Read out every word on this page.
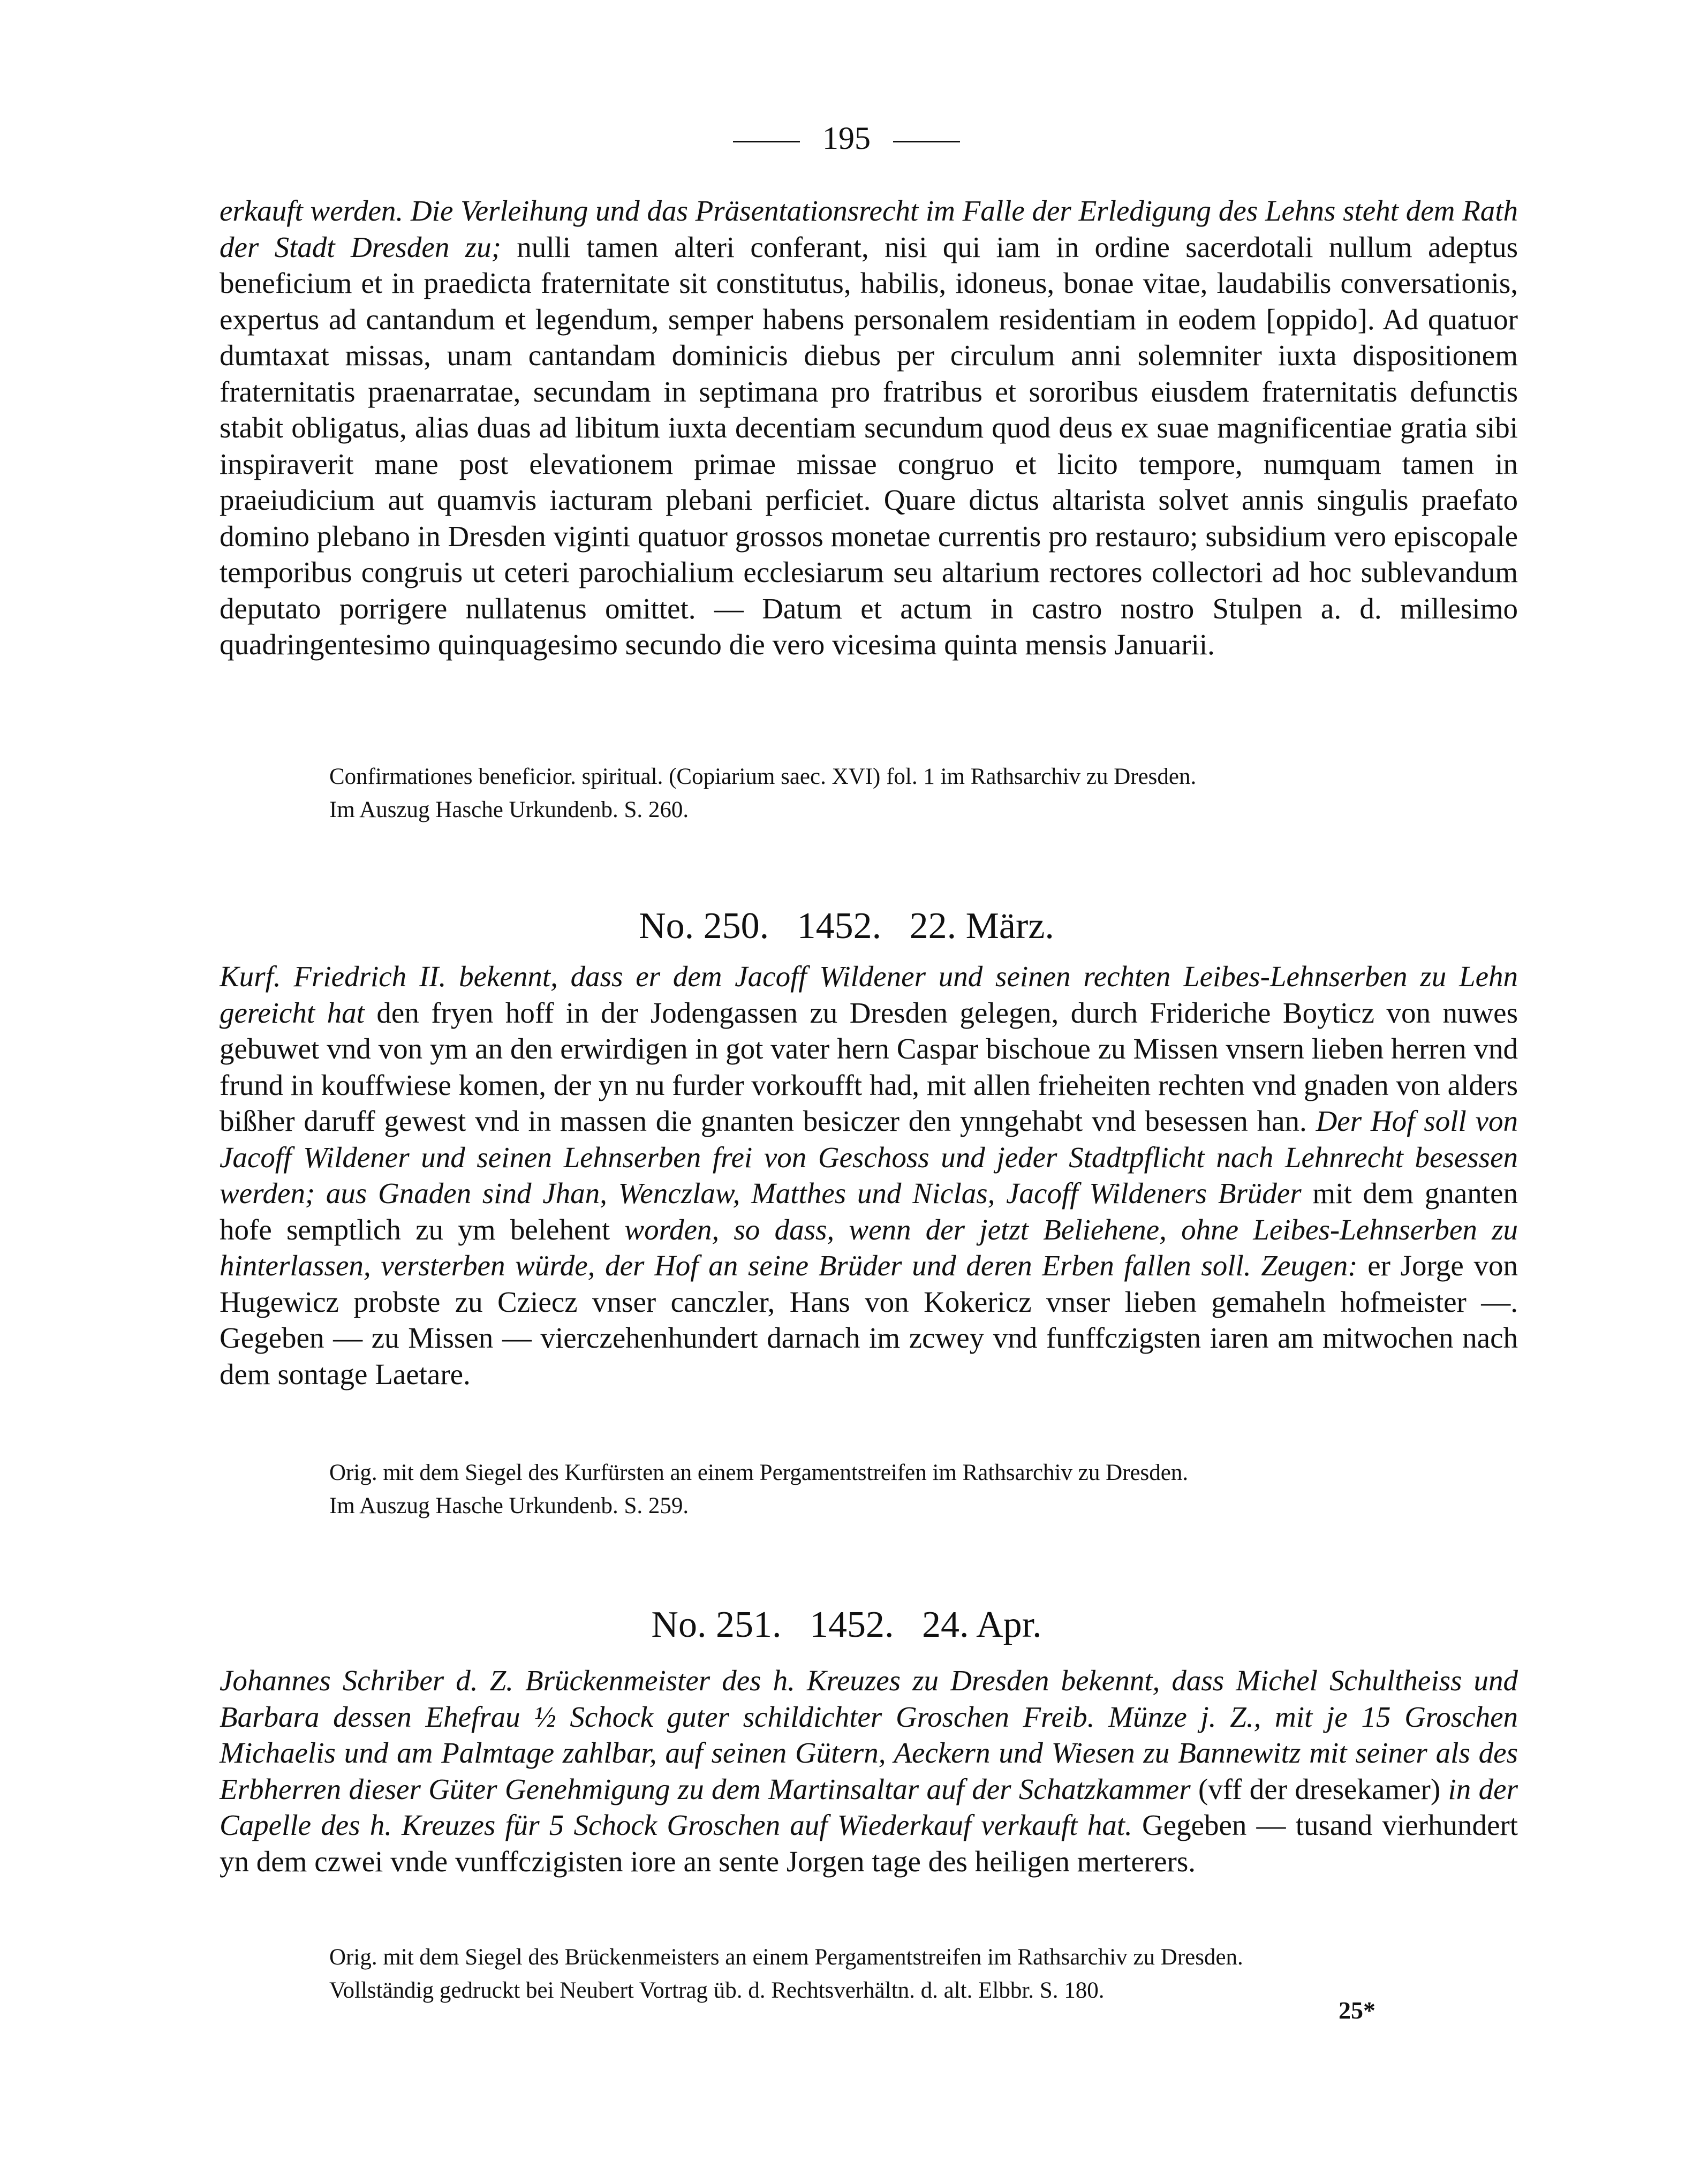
195

erkauft werden. Die Verleihung und das Präsentationsrecht im Falle der Erledigung des Lehns steht dem Rath der Stadt Dresden zu; nulli tamen alteri conferant, nisi qui iam in ordine sacerdotali nullum adeptus beneficium et in praedicta fraternitate sit constitutus, habilis, idoneus, bonae vitae, laudabilis conversationis, expertus ad cantandum et legendum, semper habens personalem residentiam in eodem [oppido]. Ad quatuor dumtaxat missas, unam cantandam dominicis diebus per circulum anni solemniter iuxta dispositionem fraternitatis praenarratae, secundam in septimana pro fratribus et sororibus eiusdem fraternitatis defunctis stabit obligatus, alias duas ad libitum iuxta decentiam secundum quod deus ex suae magnificentiae gratia sibi inspiraverit mane post elevationem primae missae congruo et licito tempore, numquam tamen in praeiudicium aut quamvis iacturam plebani perficiet. Quare dictus altarista solvet annis singulis praefato domino plebano in Dresden viginti quatuor grossos monetae currentis pro restauro; subsidium vero episcopale temporibus congruis ut ceteri parochialium ecclesiarum seu altarium rectores collectori ad hoc sublevandum deputato porrigere nullatenus omittet. — Datum et actum in castro nostro Stulpen a. d. millesimo quadringentesimo quinquagesimo secundo die vero vicesima quinta mensis Januarii.

Confirmationes beneficior. spiritual. (Copiarium saec. XVI) fol. 1 im Rathsarchiv zu Dresden.
Im Auszug Hasche Urkundenb. S. 260.
No. 250.   1452.   22. März.

Kurf. Friedrich II. bekennt, dass er dem Jacoff Wildener und seinen rechten Leibes-Lehnserben zu Lehn gereicht hat den fryen hoff in der Jodengassen zu Dresden gelegen, durch Frideriche Boyticz von nuwes gebuwet vnd von ym an den erwirdigen in got vater hern Caspar bischoue zu Missen vnsern lieben herren vnd frund in kouffwiese komen, der yn nu furder vorkoufft had, mit allen frieheiten rechten vnd gnaden von alders bißher daruff gewest vnd in massen die gnanten besiczer den ynngehabt vnd besessen han. Der Hof soll von Jacoff Wildener und seinen Lehnserben frei von Geschoss und jeder Stadtpflicht nach Lehnrecht besessen werden; aus Gnaden sind Jhan, Wenczlaw, Matthes und Niclas, Jacoff Wildeners Brüder mit dem gnanten hofe semptlich zu ym belehent worden, so dass, wenn der jetzt Beliehene, ohne Leibes-Lehnserben zu hinterlassen, versterben würde, der Hof an seine Brüder und deren Erben fallen soll. Zeugen: er Jorge von Hugewicz probste zu Cziecz vnser canczler, Hans von Kokericz vnser lieben gemaheln hofmeister —. Gegeben — zu Missen — vierczehenhundert darnach im zcwey vnd funffczigsten iaren am mitwochen nach dem sontage Laetare.

Orig. mit dem Siegel des Kurfürsten an einem Pergamentstreifen im Rathsarchiv zu Dresden.
Im Auszug Hasche Urkundenb. S. 259.
No. 251.   1452.   24. Apr.

Johannes Schriber d. Z. Brückenmeister des h. Kreuzes zu Dresden bekennt, dass Michel Schultheiss und Barbara dessen Ehefrau ½ Schock guter schildichter Groschen Freib. Münze j. Z., mit je 15 Groschen Michaelis und am Palmtage zahlbar, auf seinen Gütern, Aeckern und Wiesen zu Bannewitz mit seiner als des Erbherren dieser Güter Genehmigung zu dem Martinsaltar auf der Schatzkammer (vff der dresekamer) in der Capelle des h. Kreuzes für 5 Schock Groschen auf Wiederkauf verkauft hat. Gegeben — tusand vierhundert yn dem czwei vnde vunffczigisten iore an sente Jorgen tage des heiligen merterers.

Orig. mit dem Siegel des Brückenmeisters an einem Pergamentstreifen im Rathsarchiv zu Dresden.
Vollständig gedruckt bei Neubert Vortrag üb. d. Rechtsverhältn. d. alt. Elbbr. S. 180.
25*
